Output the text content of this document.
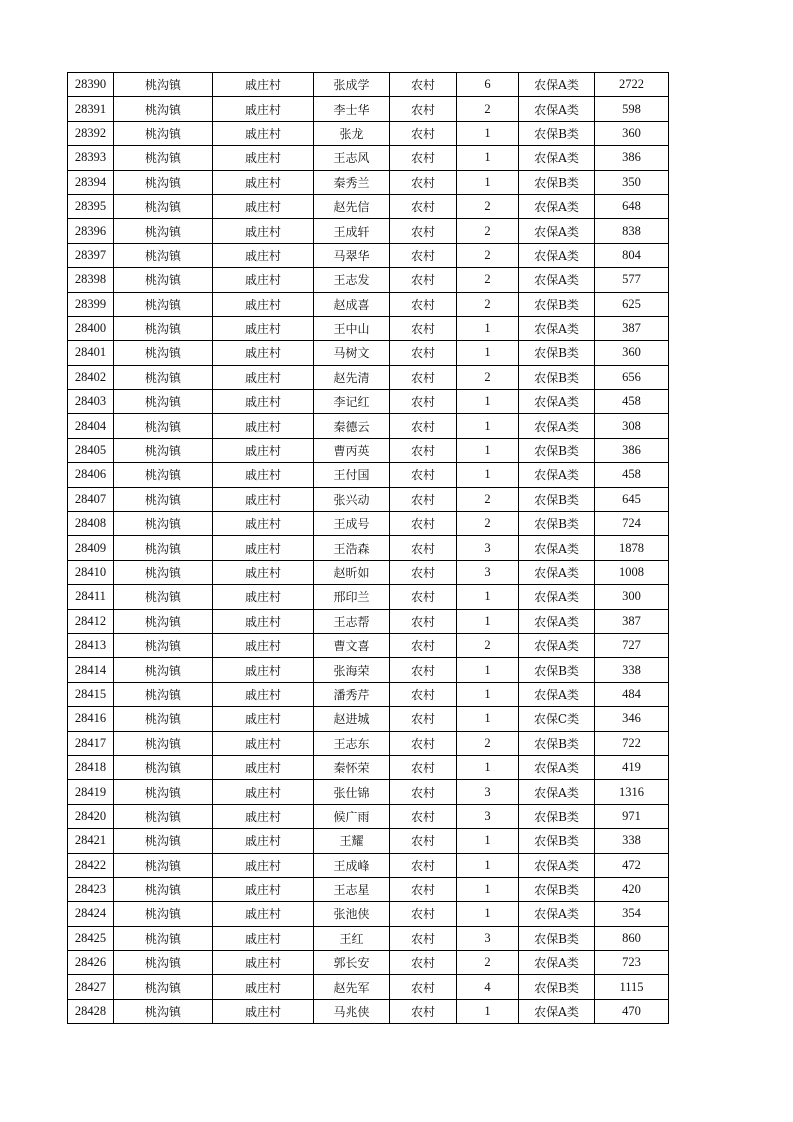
28390	桃沟镇	戚庄村	张成学	农村	6	农保A类	2722
28391	桃沟镇	戚庄村	李士华	农村	2	农保A类	598
28392	桃沟镇	戚庄村	张龙	农村	1	农保B类	360
28393	桃沟镇	戚庄村	王志风	农村	1	农保A类	386
28394	桃沟镇	戚庄村	秦秀兰	农村	1	农保B类	350
28395	桃沟镇	戚庄村	赵先信	农村	2	农保A类	648
28396	桃沟镇	戚庄村	王成轩	农村	2	农保A类	838
28397	桃沟镇	戚庄村	马翠华	农村	2	农保A类	804
28398	桃沟镇	戚庄村	王志发	农村	2	农保A类	577
28399	桃沟镇	戚庄村	赵成喜	农村	2	农保B类	625
28400	桃沟镇	戚庄村	王中山	农村	1	农保A类	387
28401	桃沟镇	戚庄村	马树文	农村	1	农保B类	360
28402	桃沟镇	戚庄村	赵先清	农村	2	农保B类	656
28403	桃沟镇	戚庄村	李记红	农村	1	农保A类	458
28404	桃沟镇	戚庄村	秦德云	农村	1	农保A类	308
28405	桃沟镇	戚庄村	曹丙英	农村	1	农保B类	386
28406	桃沟镇	戚庄村	王付国	农村	1	农保A类	458
28407	桃沟镇	戚庄村	张兴动	农村	2	农保B类	645
28408	桃沟镇	戚庄村	王成号	农村	2	农保B类	724
28409	桃沟镇	戚庄村	王浩森	农村	3	农保A类	1878
28410	桃沟镇	戚庄村	赵昕如	农村	3	农保A类	1008
28411	桃沟镇	戚庄村	邢印兰	农村	1	农保A类	300
28412	桃沟镇	戚庄村	王志帮	农村	1	农保A类	387
28413	桃沟镇	戚庄村	曹文喜	农村	2	农保A类	727
28414	桃沟镇	戚庄村	张海荣	农村	1	农保B类	338
28415	桃沟镇	戚庄村	潘秀芹	农村	1	农保A类	484
28416	桃沟镇	戚庄村	赵进城	农村	1	农保C类	346
28417	桃沟镇	戚庄村	王志东	农村	2	农保B类	722
28418	桃沟镇	戚庄村	秦怀荣	农村	1	农保A类	419
28419	桃沟镇	戚庄村	张仕锦	农村	3	农保A类	1316
28420	桃沟镇	戚庄村	候广雨	农村	3	农保B类	971
28421	桃沟镇	戚庄村	王耀	农村	1	农保B类	338
28422	桃沟镇	戚庄村	王成峰	农村	1	农保A类	472
28423	桃沟镇	戚庄村	王志星	农村	1	农保B类	420
28424	桃沟镇	戚庄村	张池侠	农村	1	农保A类	354
28425	桃沟镇	戚庄村	王红	农村	3	农保B类	860
28426	桃沟镇	戚庄村	郭长安	农村	2	农保A类	723
28427	桃沟镇	戚庄村	赵先军	农村	4	农保B类	1115
28428	桃沟镇	戚庄村	马兆侠	农村	1	农保A类	470
